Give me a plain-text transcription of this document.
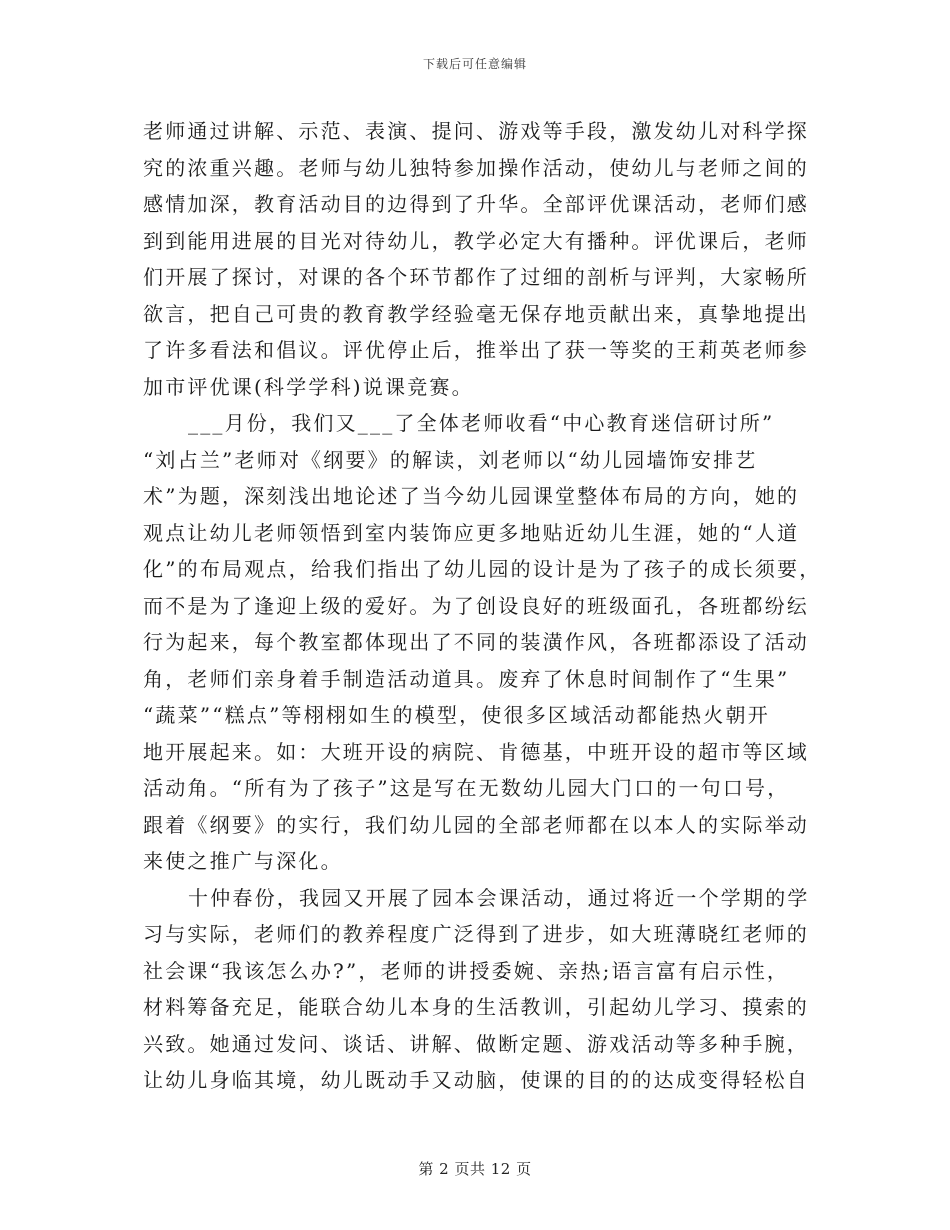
下载后可任意编辑
老师通过讲解、示范、表演、提问、游戏等手段，激发幼儿对科学探
究的浓重兴趣。老师与幼儿独特参加操作活动，使幼儿与老师之间的
感情加深，教育活动目的边得到了升华。全部评优课活动，老师们感
到到能用进展的目光对待幼儿，教学必定大有播种。评优课后，老师
们开展了探讨，对课的各个环节都作了过细的剖析与评判，大家畅所
欲言，把自己可贵的教育教学经验毫无保存地贡献出来，真挚地提出
了许多看法和倡议。评优停止后，推举出了获一等奖的王莉英老师参
加市评优课(科学学科)说课竞赛。
___月份，我们又___了全体老师收看“中心教育迷信研讨所”
“刘占兰”老师对《纲要》的解读，刘老师以“幼儿园墙饰安排艺
术”为题，深刻浅出地论述了当今幼儿园课堂整体布局的方向，她的
观点让幼儿老师领悟到室内装饰应更多地贴近幼儿生涯，她的“人道
化”的布局观点，给我们指出了幼儿园的设计是为了孩子的成长须要，
而不是为了逢迎上级的爱好。为了创设良好的班级面孔，各班都纷纭
行为起来，每个教室都体现出了不同的装潢作风，各班都添设了活动
角，老师们亲身着手制造活动道具。废弃了休息时间制作了“生果”
“蔬菜”“糕点”等栩栩如生的模型，使很多区域活动都能热火朝开
地开展起来。如：大班开设的病院、肯德基，中班开设的超市等区域
活动角。“所有为了孩子”这是写在无数幼儿园大门口的一句口号，
跟着《纲要》的实行，我们幼儿园的全部老师都在以本人的实际举动
来使之推广与深化。
十仲春份，我园又开展了园本会课活动，通过将近一个学期的学
习与实际，老师们的教养程度广泛得到了进步，如大班薄晓红老师的
社会课“我该怎么办?”，老师的讲授委婉、亲热;语言富有启示性，
材料筹备充足，能联合幼儿本身的生活教训，引起幼儿学习、摸索的
兴致。她通过发问、谈话、讲解、做断定题、游戏活动等多种手腕，
让幼儿身临其境，幼儿既动手又动脑，使课的目的的达成变得轻松自
第 2 页共 12 页
